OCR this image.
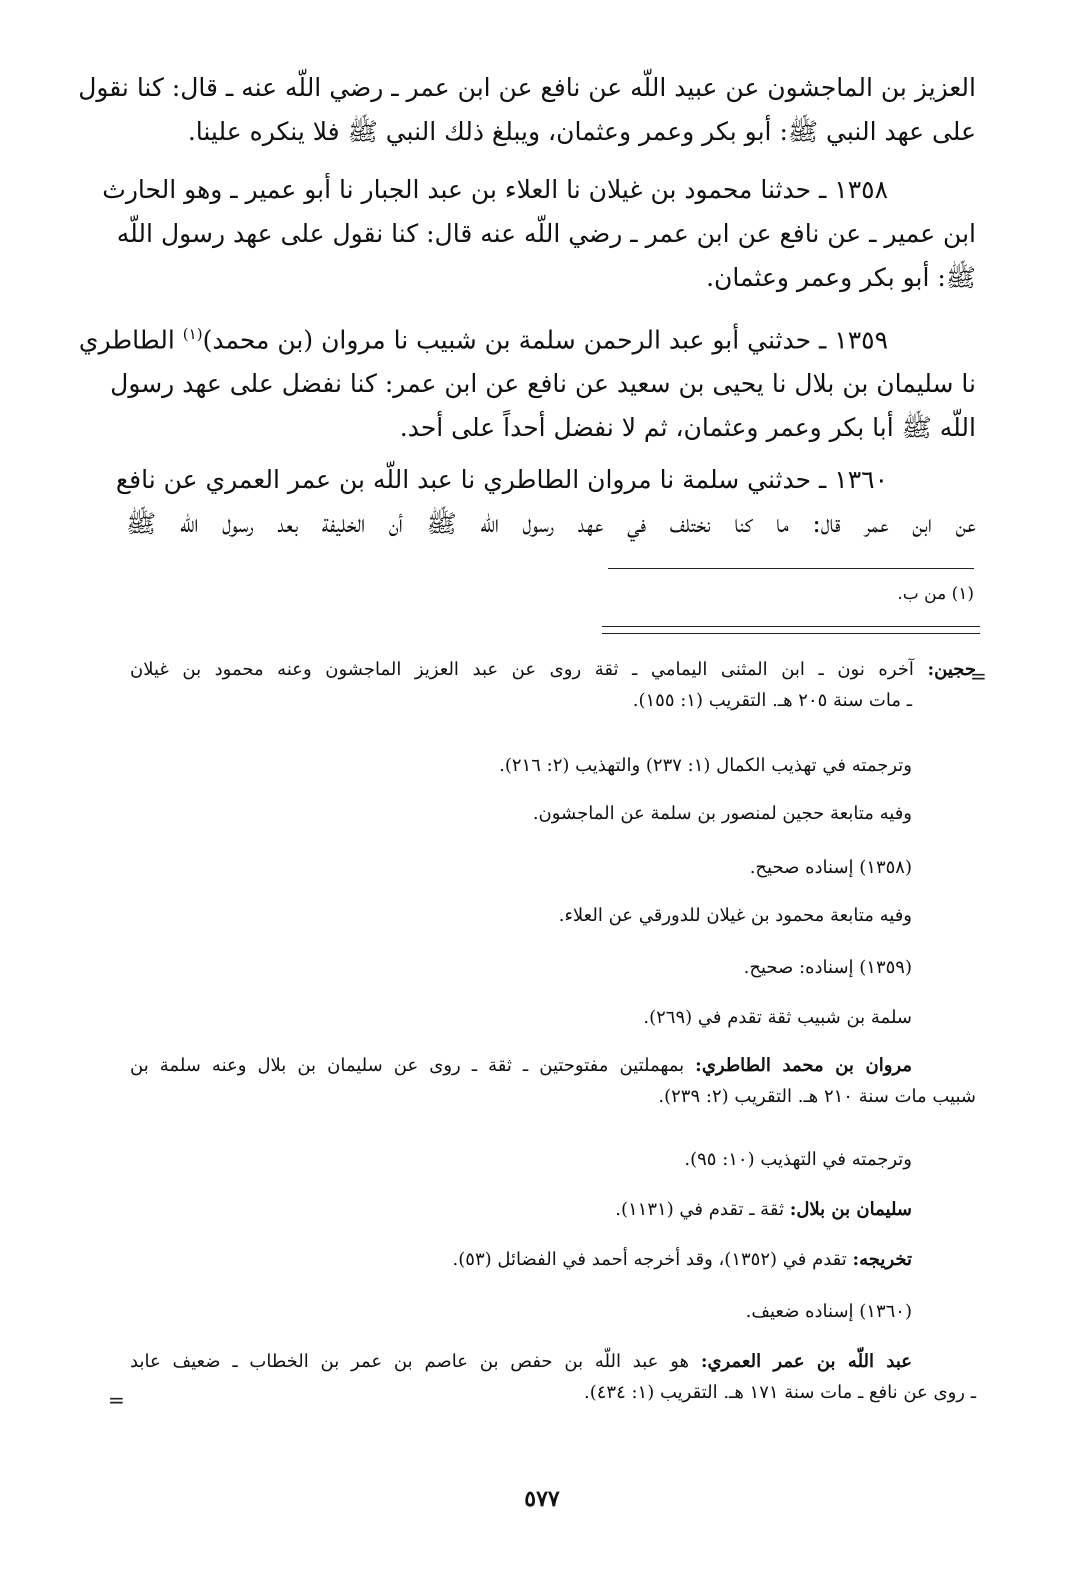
العزيز بن الماجشون عن عبيد اللّه عن نافع عن ابن عمر ـ رضي اللّه عنه ـ قال: كنا نقول
على عهد النبي ﷺ: أبو بكر وعمر وعثمان، ويبلغ ذلك النبي ﷺ فلا ينكره علينا.
١٣٥٨ ـ حدثنا محمود بن غيلان نا العلاء بن عبد الجبار نا أبو عمير ـ وهو الحارث
ابن عمير ـ عن نافع عن ابن عمر ـ رضي اللّه عنه قال: كنا نقول على عهد رسول اللّه
ﷺ: أبو بكر وعمر وعثمان.
١٣٥٩ ـ حدثني أبو عبد الرحمن سلمة بن شبيب نا مروان (بن محمد)$^{(١)}$ الطاطري
نا سليمان بن بلال نا يحيى بن سعيد عن نافع عن ابن عمر: كنا نفضل على عهد رسول
اللّه ﷺ أبا بكر وعمر وعثمان، ثم لا نفضل أحداً على أحد.
١٣٦٠ ـ حدثني سلمة نا مروان الطاطري نا عبد اللّه بن عمر العمري عن نافع
عن ابن عمر قال: ما كنا نختلف في عهد رسول اللّه ﷺ أن الخليفة بعد رسول اللّه ﷺ
(١) من ب.
=
حجين: آخره نون ـ ابن المثنى اليمامي ـ ثقة روى عن عبد العزيز الماجشون وعنه محمود بن غيلان
ـ مات سنة ٢٠٥ هـ. التقريب (١: ١٥٥).
وترجمته في تهذيب الكمال (١: ٢٣٧) والتهذيب (٢: ٢١٦).
وفيه متابعة حجين لمنصور بن سلمة عن الماجشون.
(١٣٥٨) إسناده صحيح.
وفيه متابعة محمود بن غيلان للدورقي عن العلاء.
(١٣٥٩) إسناده: صحيح.
سلمة بن شبيب ثقة تقدم في (٢٦٩).
مروان بن محمد الطاطري: بمهملتين مفتوحتين ـ ثقة ـ روى عن سليمان بن بلال وعنه سلمة بن
شبيب مات سنة ٢١٠ هـ. التقريب (٢: ٢٣٩).
وترجمته في التهذيب (١٠: ٩٥).
سليمان بن بلال: ثقة ـ تقدم في (١١٣١).
تخريجه: تقدم في (١٣٥٢)، وقد أخرجه أحمد في الفضائل (٥٣).
(١٣٦٠) إسناده ضعيف.
عبد اللّه بن عمر العمري: هو عبد اللّه بن حفص بن عاصم بن عمر بن الخطاب ـ ضعيف عابد
ـ روى عن نافع ـ مات سنة ١٧١ هـ. التقريب (١: ٤٣٤).
=
٥٧٧
